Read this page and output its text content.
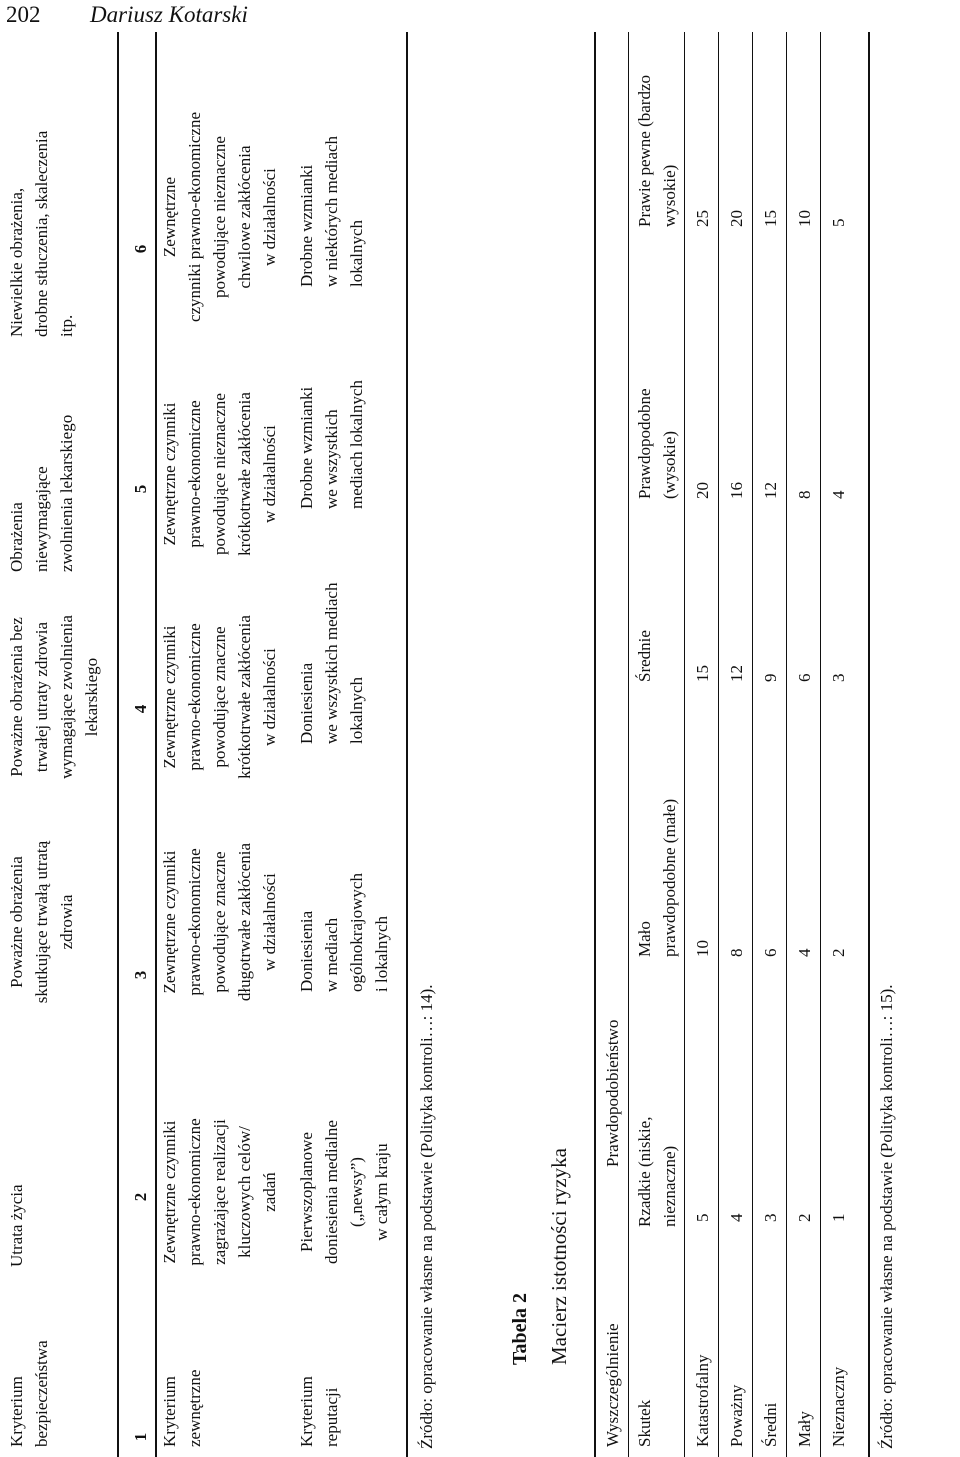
202 Dariusz Kotarski
Kryterium bezpieczeństwa
Utrata życia
Poważne obrażenia skutkujące trwałą utratą zdrowia
Poważne obrażenia bez trwałej utraty zdrowia wymagające zwolnienia lekarskiego
Obrażenia niewymagające zwolnienia lekarskiego
Niewielkie obrażenia, drobne stłuczenia, skaleczenia itp.
1
2
3
4
5
6
Kryterium zewnętrzne
Zewnętrzne czynniki prawno-ekonomiczne zagrażające realizacji kluczowych celów/ zadań
Zewnętrzne czynniki prawno-ekonomiczne powodujące znaczne długotrwałe zakłócenia w działalności
Zewnętrzne czynniki prawno-ekonomiczne powodujące znaczne krótkotrwałe zakłócenia w działalności
Zewnętrzne czynniki prawno-ekonomiczne powodujące nieznaczne krótkotrwałe zakłócenia w działalności
Zewnętrzne czynniki prawno-ekonomiczne powodujące nieznaczne chwilowe zakłócenia w działalności
Kryterium reputacji
Pierwszoplanowe doniesienia medialne („newsy”) w całym kraju
Doniesienia w mediach ogólnokrajowych i lokalnych
Doniesienia we wszystkich mediach lokalnych
Drobne wzmianki we wszystkich mediach lokalnych
Drobne wzmianki w niektórych mediach lokalnych
Źródło: opracowanie własne na podstawie (Polityka kontroli…: 14).	Tabela 2 Macierz istotności ryzyka
Wyszczególnienie
Prawdopodobieństwo
Skutek
Rzadkie (niskie, nieznaczne)
Mało prawdopodobne (małe)
Średnie
Prawdopodobne (wysokie)
Prawie pewne (bardzo wysokie)
Katastrofalny
5
10
15
20
25
Poważny
4
8
12
16
20
Średni
3
6
9
12
15
Mały
2
4
6
8
10
Nieznaczny
1
2
3
4
5
Źródło: opracowanie własne na podstawie (Polityka kontroli…: 15).
